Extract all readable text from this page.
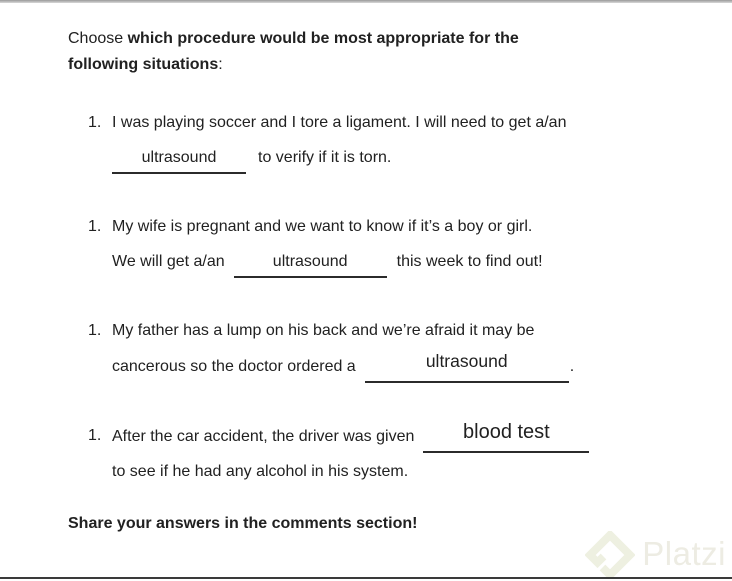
Choose which procedure would be most appropriate for the
following situations:

1. I was playing soccer and I tore a ligament. I will need to get a/an
ultrasound	to verify if it is torn.
1. My wife is pregnant and we want to know if it’s a boy or girl.
We will get a/an	ultrasound	this week to find out!
1. My father has a lump on his back and we’re afraid it may be
cancerous so the doctor ordered a	ultrasound	.
1. After the car accident, the driver was given blood test
to see if he had any alcohol in his system.

Share your answers in the comments section!

Platzi
